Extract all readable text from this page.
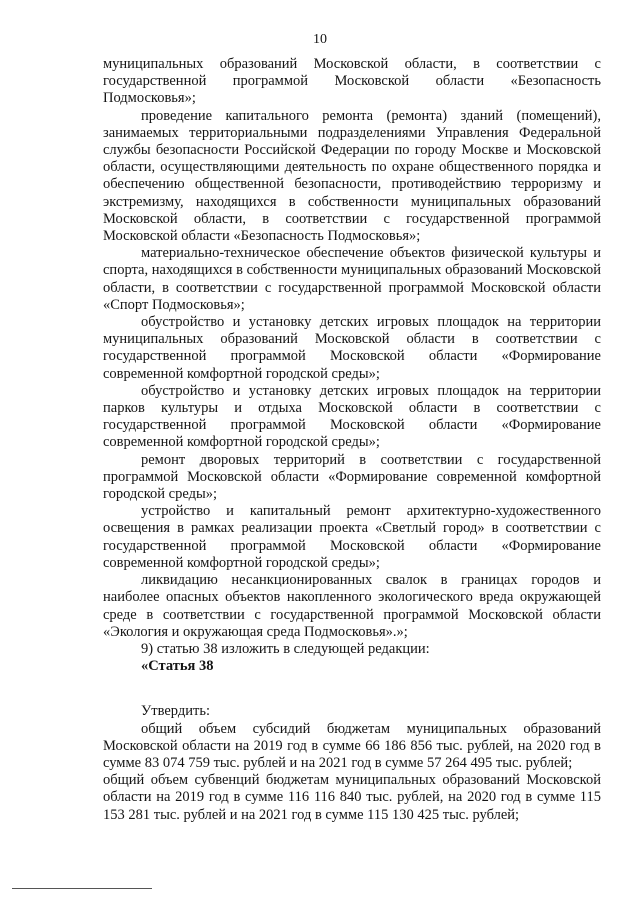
10

муниципальных образований Московской области, в соответствии с государственной программой Московской области «Безопасность Подмосковья»;

проведение капитального ремонта (ремонта) зданий (помещений), занимаемых территориальными подразделениями Управления Федеральной службы безопасности Российской Федерации по городу Москве и Московской области, осуществляющими деятельность по охране общественного порядка и обеспечению общественной безопасности, противодействию терроризму и экстремизму, находящихся в собственности муниципальных образований Московской области, в соответствии с государственной программой Московской области «Безопасность Подмосковья»;

материально-техническое обеспечение объектов физической культуры и спорта, находящихся в собственности муниципальных образований Московской области, в соответствии с государственной программой Московской области «Спорт Подмосковья»;

обустройство и установку детских игровых площадок на территории муниципальных образований Московской области в соответствии с государственной программой Московской области «Формирование современной комфортной городской среды»;

обустройство и установку детских игровых площадок на территории парков культуры и отдыха Московской области в соответствии с государственной программой Московской области «Формирование современной комфортной городской среды»;

ремонт дворовых территорий в соответствии с государственной программой Московской области «Формирование современной комфортной городской среды»;

устройство и капитальный ремонт архитектурно-художественного освещения в рамках реализации проекта «Светлый город» в соответствии с государственной программой Московской области «Формирование современной комфортной городской среды»;

ликвидацию несанкционированных свалок в границах городов и наиболее опасных объектов накопленного экологического вреда окружающей среде в соответствии с государственной программой Московской области «Экология и окружающая среда Подмосковья».»;

9) статью 38 изложить в следующей редакции:

«Статья 38

Утвердить:

общий объем субсидий бюджетам муниципальных образований Московской области на 2019 год в сумме 66 186 856 тыс. рублей, на 2020 год в сумме 83 074 759 тыс. рублей и на 2021 год в сумме 57 264 495 тыс. рублей;

общий объем субвенций бюджетам муниципальных образований Московской области на 2019 год в сумме 116 116 840 тыс. рублей, на 2020 год в сумме 115 153 281 тыс. рублей и на 2021 год в сумме 115 130 425 тыс. рублей;
